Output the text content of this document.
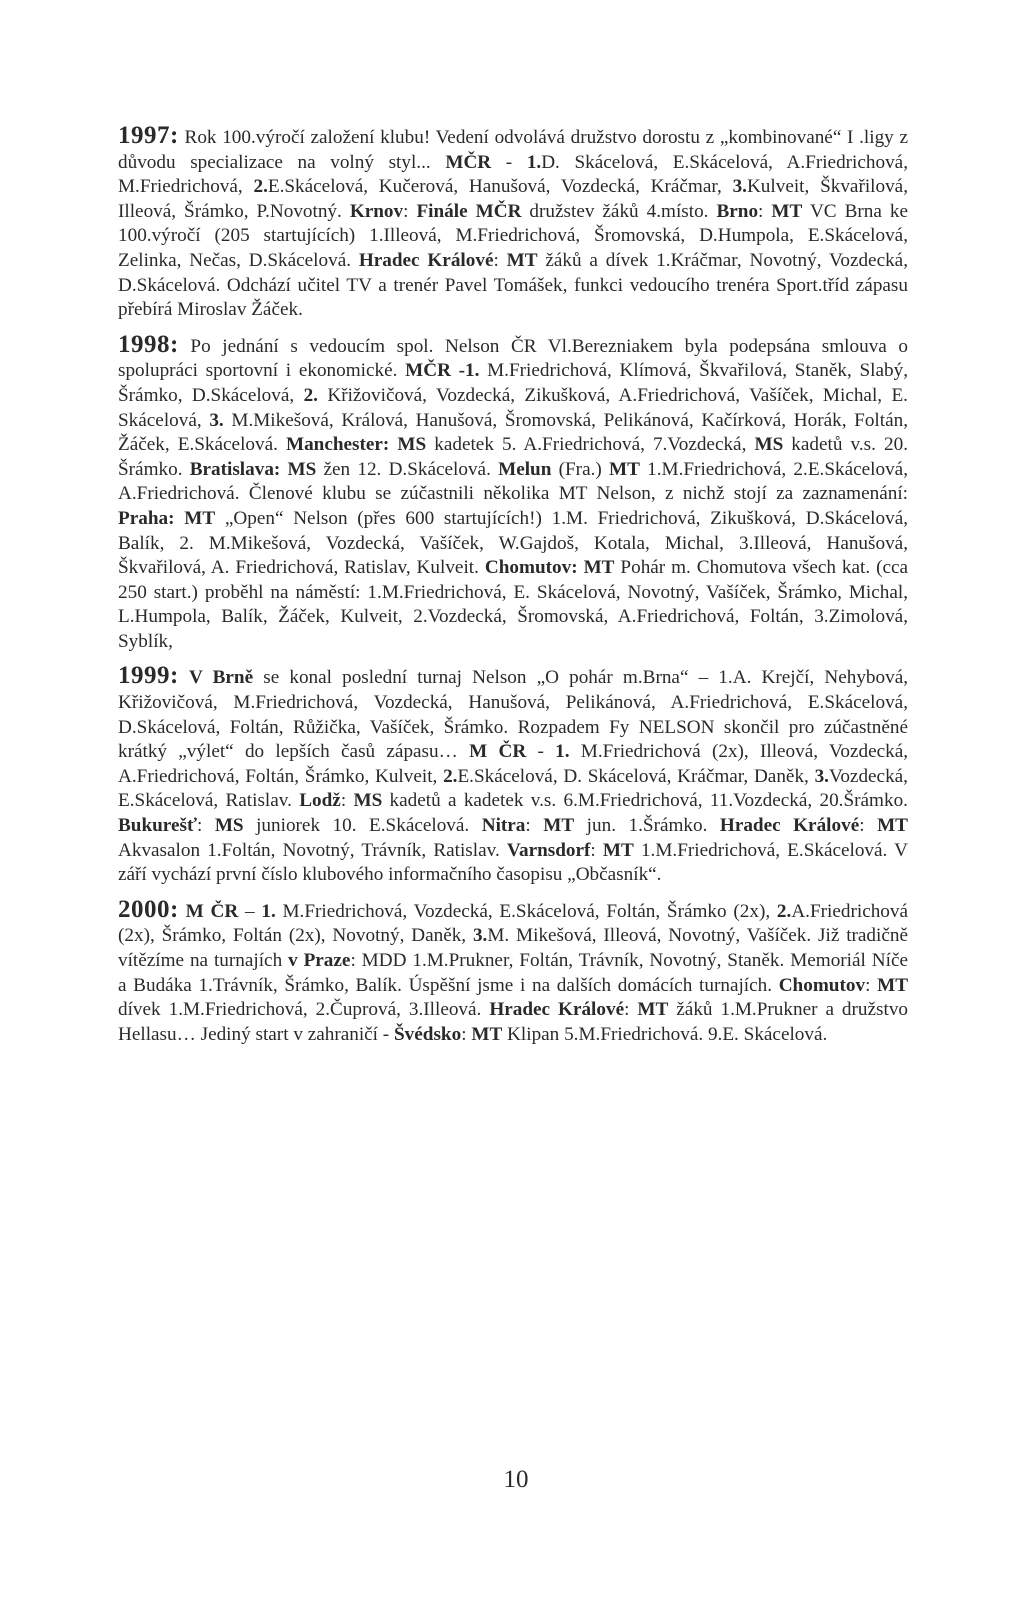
1997: Rok 100.výročí založení klubu! Vedení odvolává družstvo dorostu z „kombinované“ I .ligy z důvodu specializace na volný styl... MČR - 1.D. Skácelová, E.Skácelová, A.Friedrichová, M.Friedrichová, 2.E.Skácelová, Kučerová, Hanušová, Vozdecká, Kráčmar, 3.Kulveit, Škvařilová, Illeová, Šrámko, P.Novotný. Krnov: Finále MČR družstev žáků 4.místo. Brno: MT VC Brna ke 100.výročí (205 startujících) 1.Illeová, M.Friedrichová, Šromovská, D.Humpola, E.Skácelová, Zelinka, Nečas, D.Skácelová. Hradec Králové: MT žáků a dívek 1.Kráčmar, Novotný, Vozdecká, D.Skácelová. Odchází učitel TV a trenér Pavel Tomášek, funkci vedoucího trenéra Sport.tříd zápasu přebírá Miroslav Žáček.

1998: Po jednání s vedoucím spol. Nelson ČR Vl.Berezniakem byla podepsána smlouva o spolupráci sportovní i ekonomické. MČR -1. M.Friedrichová, Klímová, Škvařilová, Staněk, Slabý, Šrámko, D.Skácelová, 2. Křižovičová, Vozdecká, Zikušková, A.Friedrichová, Vašíček, Michal, E. Skácelová, 3. M.Mikešová, Králová, Hanušová, Šromovská, Pelikánová, Kačírková, Horák, Foltán, Žáček, E.Skácelová. Manchester: MS kadetek 5. A.Friedrichová, 7.Vozdecká, MS kadetů v.s. 20. Šrámko. Bratislava: MS žen 12. D.Skácelová. Melun (Fra.) MT 1.M.Friedrichová, 2.E.Skácelová, A.Friedrichová. Členové klubu se zúčastnili několika MT Nelson, z nichž stojí za zaznamenání: Praha: MT „Open“ Nelson (přes 600 startujících!) 1.M. Friedrichová, Zikušková, D.Skácelová, Balík, 2. M.Mikešová, Vozdecká, Vašíček, W.Gajdoš, Kotala, Michal, 3.Illeová, Hanušová, Škvařilová, A. Friedrichová, Ratislav, Kulveit. Chomutov: MT Pohár m. Chomutova všech kat. (cca 250 start.) proběhl na náměstí: 1.M.Friedrichová, E. Skácelová, Novotný, Vašíček, Šrámko, Michal, L.Humpola, Balík, Žáček, Kulveit, 2.Vozdecká, Šromovská, A.Friedrichová, Foltán, 3.Zimolová, Syblík,

1999: V Brně se konal poslední turnaj Nelson „O pohár m.Brna“ – 1.A. Krejčí, Nehybová, Křižovičová, M.Friedrichová, Vozdecká, Hanušová, Pelikánová, A.Friedrichová, E.Skácelová, D.Skácelová, Foltán, Růžička, Vašíček, Šrámko. Rozpadem Fy NELSON skončil pro zúčastněné krátký „výlet“ do lepších časů zápasu… M ČR - 1. M.Friedrichová (2x), Illeová, Vozdecká, A.Friedrichová, Foltán, Šrámko, Kulveit, 2.E.Skácelová, D. Skácelová, Kráčmar, Daněk, 3.Vozdecká, E.Skácelová, Ratislav. Lodž: MS kadetů a kadetek v.s. 6.M.Friedrichová, 11.Vozdecká, 20.Šrámko. Bukurešť: MS juniorek 10. E.Skácelová. Nitra: MT jun. 1.Šrámko. Hradec Králové: MT Akvasalon 1.Foltán, Novotný, Trávník, Ratislav. Varnsdorf: MT 1.M.Friedrichová, E.Skácelová. V září vychází první číslo klubového informačního časopisu „Občasník“.

2000: M ČR – 1. M.Friedrichová, Vozdecká, E.Skácelová, Foltán, Šrámko (2x), 2.A.Friedrichová (2x), Šrámko, Foltán (2x), Novotný, Daněk, 3.M. Mikešová, Illeová, Novotný, Vašíček. Již tradičně vítězíme na turnajích v Praze: MDD 1.M.Prukner, Foltán, Trávník, Novotný, Staněk. Memoriál Níče a Budáka 1.Trávník, Šrámko, Balík. Úspěšní jsme i na dalších domácích turnajích. Chomutov: MT dívek 1.M.Friedrichová, 2.Čuprová, 3.Illeová. Hradec Králové: MT žáků 1.M.Prukner a družstvo Hellasu… Jediný start v zahraničí - Švédsko: MT Klipan 5.M.Friedrichová. 9.E. Skácelová.

10
